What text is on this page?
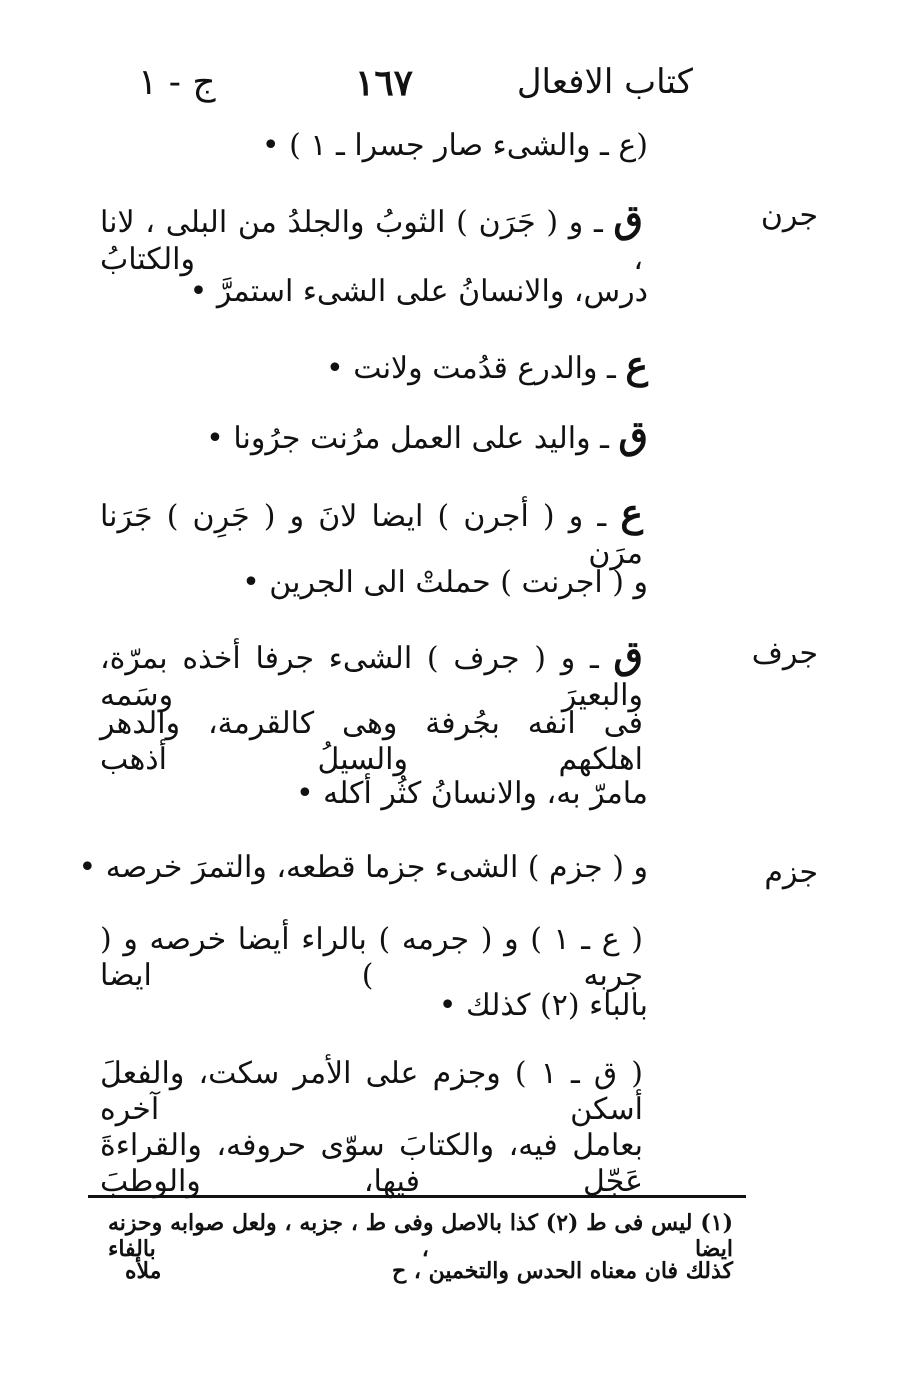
كتاب الافعال
١٦٧
ج - ١
(ع ـ والشىء صار جسرا ـ ١ ) •
جرن
ق ـ و ( جَرَن ) الثوبُ والجلدُ من البلى ، لانا ، والكتابُ
درس، والانسانُ على الشىء استمرَّ •
ع ـ والدرع قدُمت ولانت •
ق ـ واليد على العمل مرُنت جرُونا •
ع ـ و ( أجرن ) ايضا لانَ و ( جَرِن ) جَرَنا مرَن
و ( اجرنت ) حملتْ الى الجرين •
جرف
ق ـ و ( جرف ) الشىء جرفا أخذه بمرّة، والبعيرَ وسَمه
فى انفه بجُرفة وهى كالقرمة، والدهر اهلكهم والسيلُ أذهب
مامرّ به، والانسانُ كثُر أكله •
جزم
و ( جزم ) الشىء جزما قطعه، والتمرَ خرصه •
( ع ـ ١ ) و ( جرمه ) بالراء أيضا خرصه و ( جربه ) ايضا
بالباء (٢) كذلك •
( ق ـ ١ ) وجزم على الأمر سكت، والفعلَ أسكن آخره
بعامل فيه، والكتابَ سوّى حروفه، والقراءةَ عَجّل فيها، والوطبَ
(١) ليس فى ط (٢) كذا بالاصل وفى ط ، جزبه ، ولعل صوابه وحزنه ايضا ، بالفاء
كذلك فان معناه الحدس والتخمين ، ح
ملأه
